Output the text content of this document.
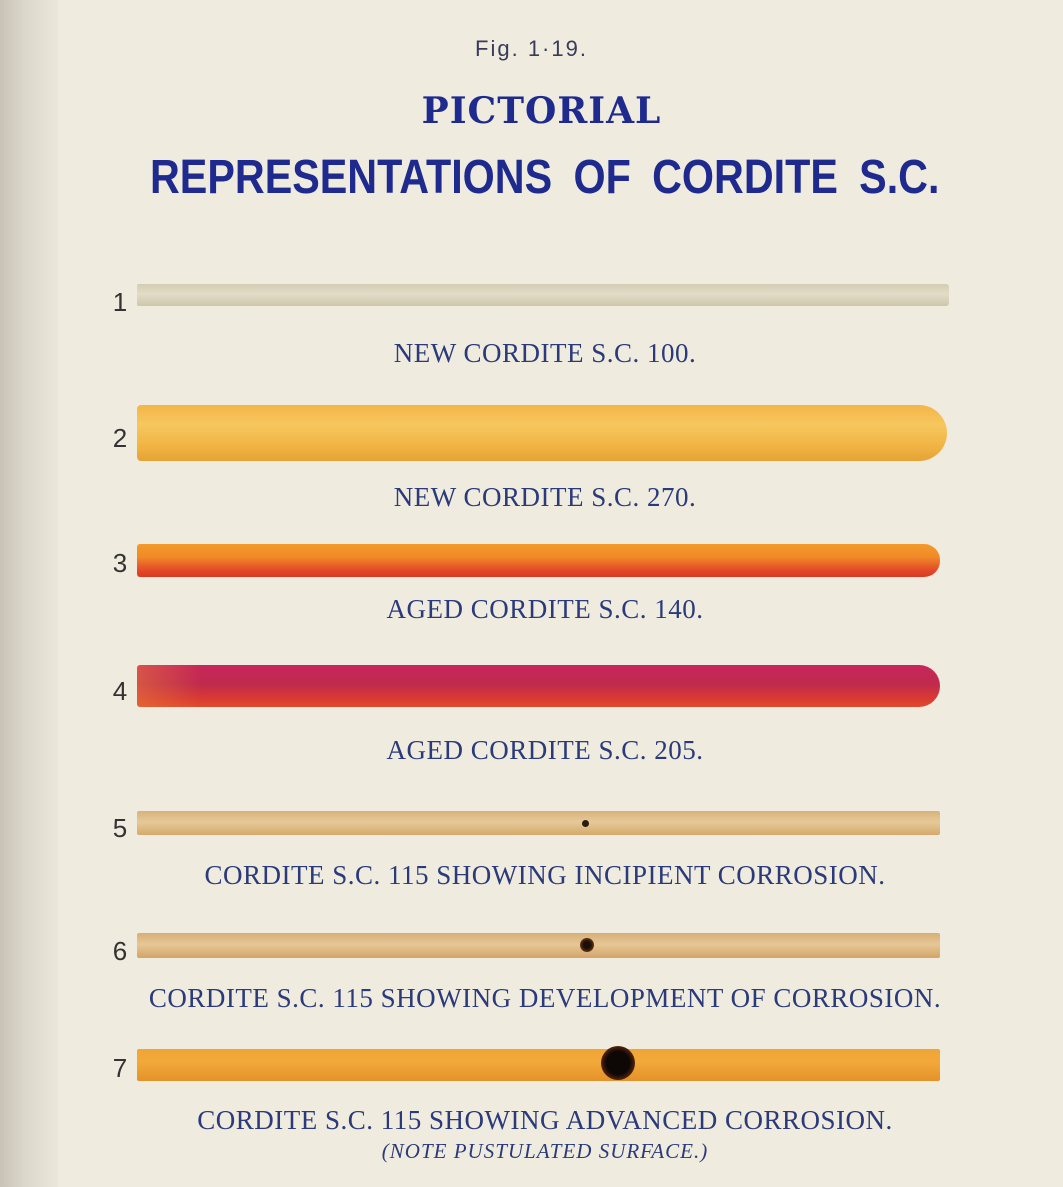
Fig. 1·19.
PICTORIAL
REPRESENTATIONS OF CORDITE S.C.
1
NEW CORDITE S.C. 100.
2
NEW CORDITE S.C. 270.
3
AGED CORDITE S.C. 140.
4
AGED CORDITE S.C. 205.
5
CORDITE S.C. 115 SHOWING INCIPIENT CORROSION.
6
CORDITE S.C. 115 SHOWING DEVELOPMENT OF CORROSION.
7
CORDITE S.C. 115 SHOWING ADVANCED CORROSION.
(NOTE PUSTULATED SURFACE.)
